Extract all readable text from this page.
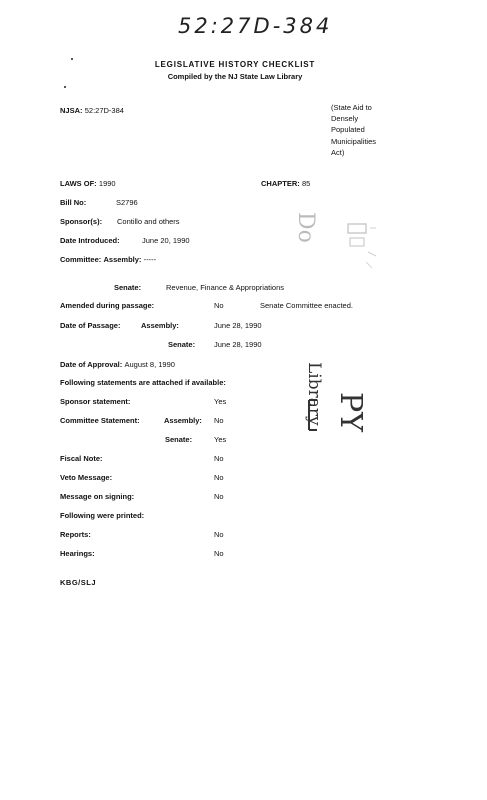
52:27D-384
LEGISLATIVE HISTORY CHECKLIST
Compiled by the NJ State Law Library
NJSA: 52:27D-384	(State Aid to
Densely
Populated
Municipalities
Act)
LAWS OF: 1990	CHAPTER: 85
Bill No:	S2796
Sponsor(s): Contillo and others
Date Introduced:	June 20, 1990
Committee: Assembly: -----
Senate:	Revenue, Finance & Appropriations
Amended during passage:	No	Senate Committee enacted.
Date of Passage:	Assembly:	June 28, 1990
Senate:	June 28, 1990
Date of Approval: August 8, 1990
Following statements are attached if available:
Sponsor statement:	Yes
Committee Statement:	Assembly: No
Senate:	Yes
Fiscal Note:	No
Veto Message:	No
Message on signing:	No
Following were printed:
Reports:	No
Hearings:	No
KBG/SLJ
Do
Library PY
